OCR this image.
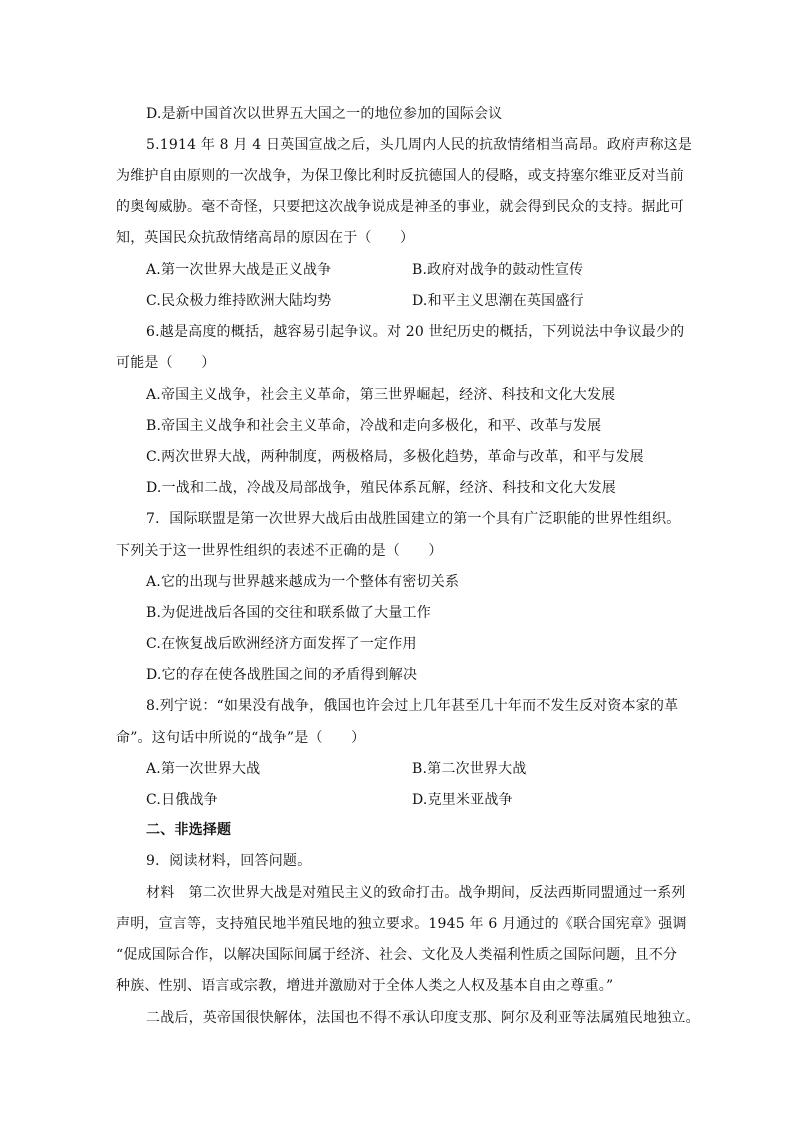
D.是新中国首次以世界五大国之一的地位参加的国际会议
5.1914 年 8 月 4 日英国宣战之后，头几周内人民的抗敌情绪相当高昂。政府声称这是
为维护自由原则的一次战争，为保卫像比利时反抗德国人的侵略，或支持塞尔维亚反对当前
的奥匈威胁。毫不奇怪，只要把这次战争说成是神圣的事业，就会得到民众的支持。据此可
知，英国民众抗敌情绪高昂的原因在于（　　）
A.第一次世界大战是正义战争	B.政府对战争的鼓动性宣传
C.民众极力维持欧洲大陆均势	D.和平主义思潮在英国盛行
6.越是高度的概括，越容易引起争议。对 20 世纪历史的概括，下列说法中争议最少的
可能是（　　）
A.帝国主义战争，社会主义革命，第三世界崛起，经济、科技和文化大发展
B.帝国主义战争和社会主义革命，冷战和走向多极化，和平、改革与发展
C.两次世界大战，两种制度，两极格局，多极化趋势，革命与改革，和平与发展
D.一战和二战，冷战及局部战争，殖民体系瓦解，经济、科技和文化大发展
7．国际联盟是第一次世界大战后由战胜国建立的第一个具有广泛职能的世界性组织。
下列关于这一世界性组织的表述不正确的是（　　）
A.它的出现与世界越来越成为一个整体有密切关系
B.为促进战后各国的交往和联系做了大量工作
C.在恢复战后欧洲经济方面发挥了一定作用
D.它的存在使各战胜国之间的矛盾得到解决
8.列宁说：“如果没有战争，俄国也许会过上几年甚至几十年而不发生反对资本家的革
命”。这句话中所说的“战争”是（　　）
A.第一次世界大战	B.第二次世界大战
C.日俄战争	D.克里米亚战争
二、非选择题
9．阅读材料，回答问题。
材料　第二次世界大战是对殖民主义的致命打击。战争期间，反法西斯同盟通过一系列
声明，宣言等，支持殖民地半殖民地的独立要求。1945 年 6 月通过的《联合国宪章》强调
“促成国际合作，以解决国际间属于经济、社会、文化及人类福利性质之国际问题，且不分
种族、性别、语言或宗教，增进并激励对于全体人类之人权及基本自由之尊重。”
二战后，英帝国很快解体，法国也不得不承认印度支那、阿尔及利亚等法属殖民地独立。
